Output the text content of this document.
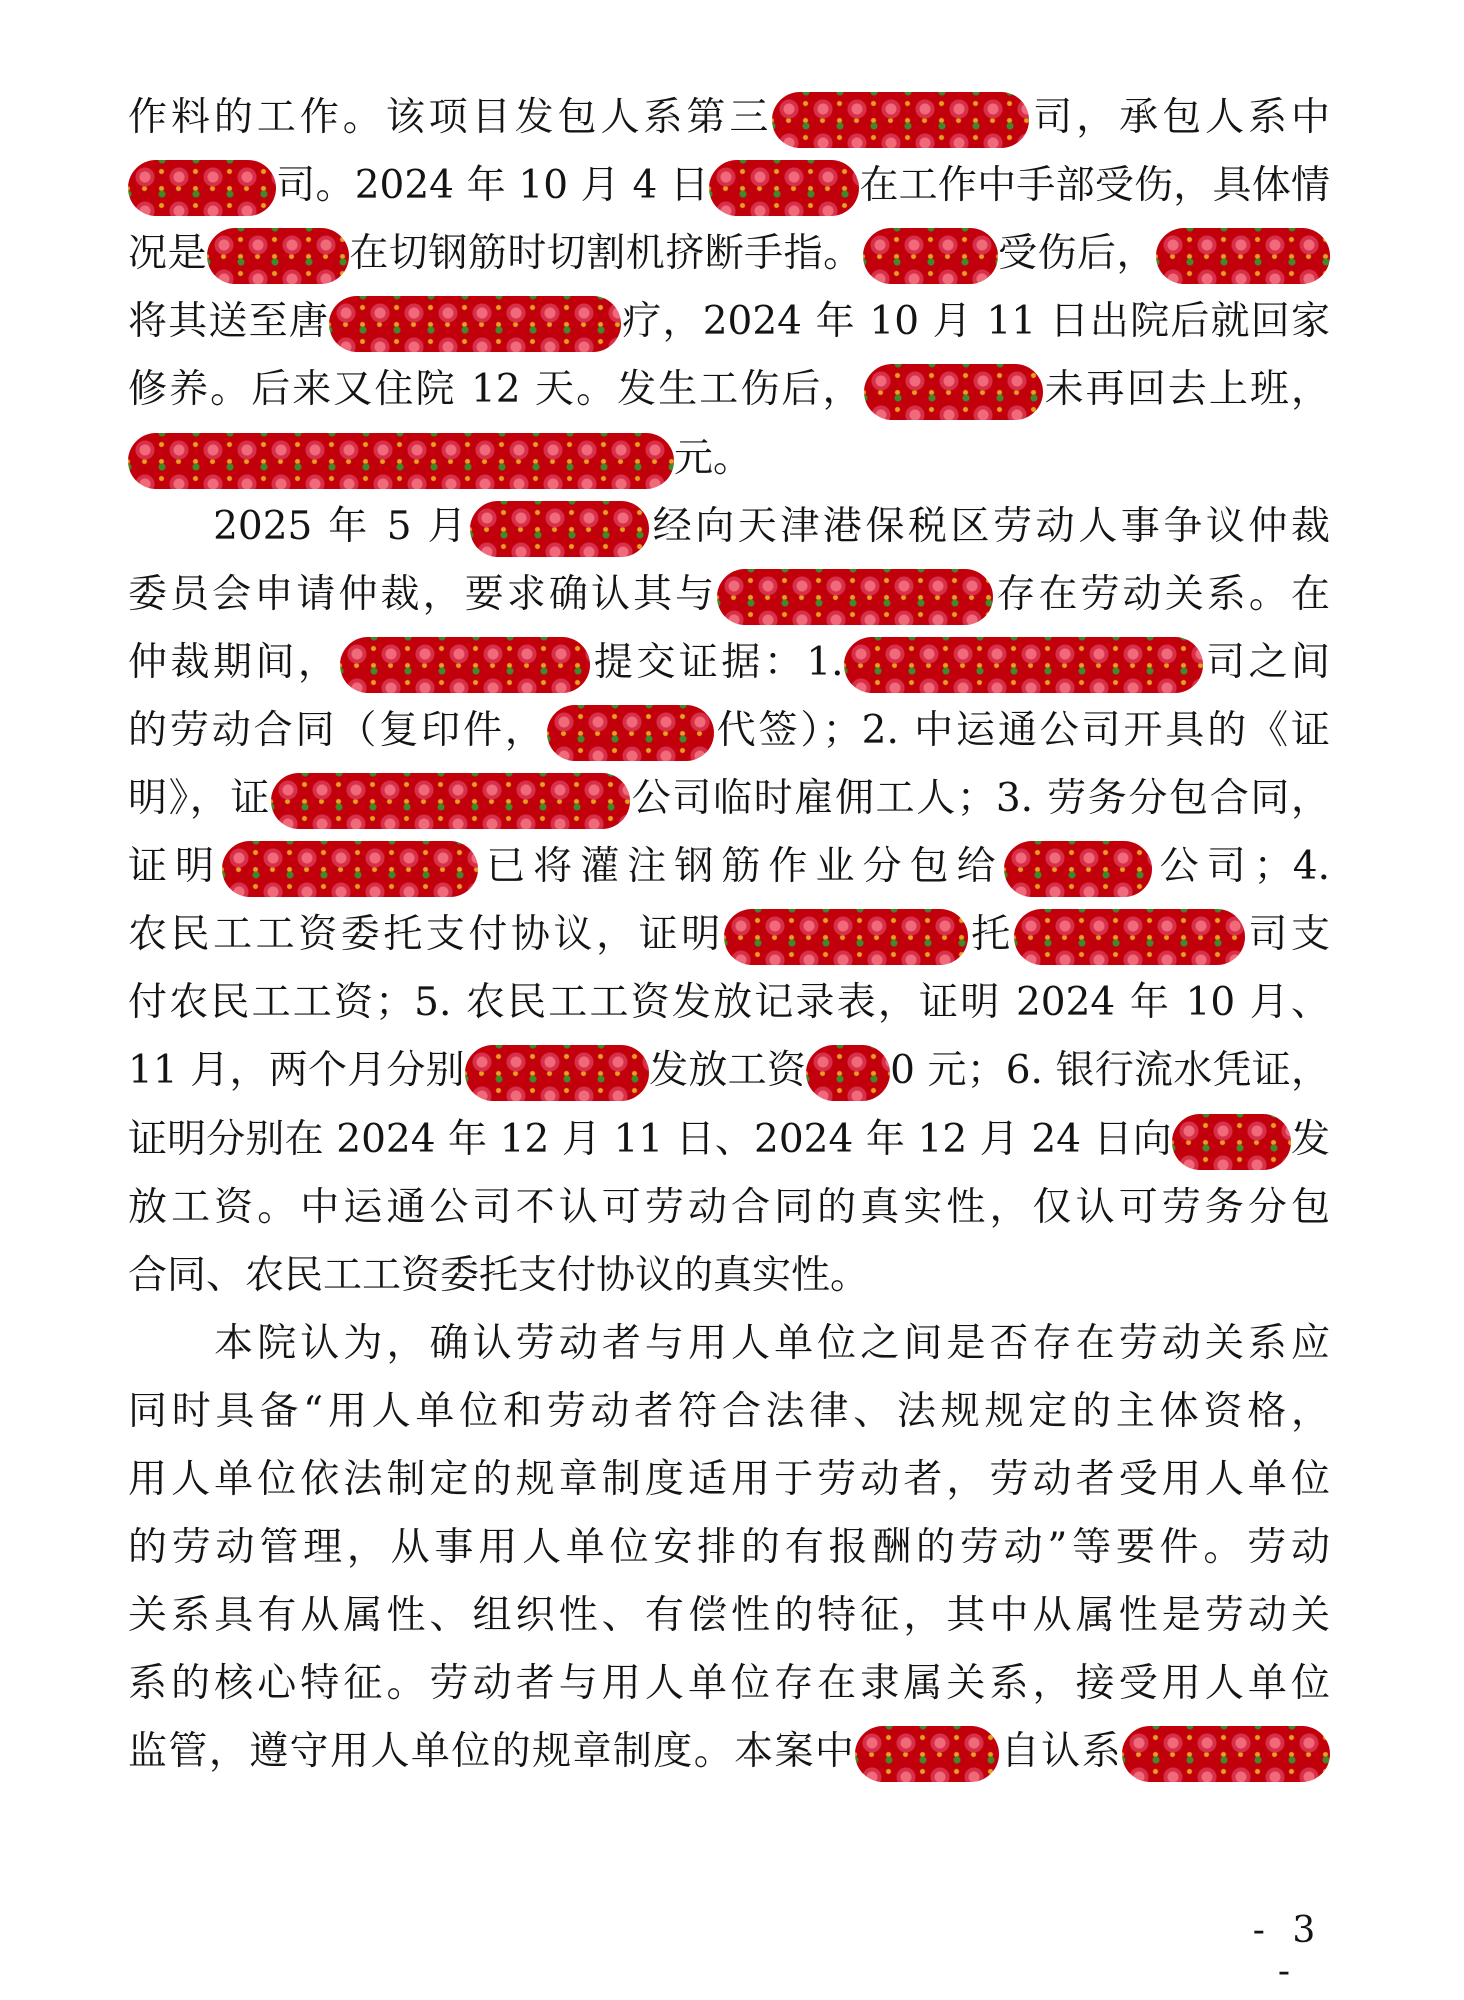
作料的工作。该项目发包人系第三	司，承包人系中
司。2024 年 10 月 4 日	在工作中手部受伤，具体情
况是	在切钢筋时切割机挤断手指。	受伤后，
将其送至唐	疗，2024 年 10 月 11 日出院后就回家
修养。后来又住院 12 天。发生工伤后，	未再回去上班，
元。
　　2025 年 5 月	经向天津港保税区劳动人事争议仲裁
委员会申请仲裁，要求确认其与	存在劳动关系。在
仲裁期间，	提交证据：1.	司之间
的劳动合同（复印件，	代签）；2. 中运通公司开具的《证
明》，证	公司临时雇佣工人；3. 劳务分包合同，
证明	已将灌注钢筋作业分包给	公司；4.
农民工工资委托支付协议，证明	托	司支
付农民工工资；5. 农民工工资发放记录表，证明 2024 年 10 月、
11 月，两个月分别	发放工资 0 元；6. 银行流水凭证，
证明分别在 2024 年 12 月 11 日、2024 年 12 月 24 日向	发
放工资。中运通公司不认可劳动合同的真实性，仅认可劳务分包
合同、农民工工资委托支付协议的真实性。
　　本院认为，确认劳动者与用人单位之间是否存在劳动关系应
同时具备“用人单位和劳动者符合法律、法规规定的主体资格，
用人单位依法制定的规章制度适用于劳动者，劳动者受用人单位
的劳动管理，从事用人单位安排的有报酬的劳动”等要件。劳动
关系具有从属性、组织性、有偿性的特征，其中从属性是劳动关
系的核心特征。劳动者与用人单位存在隶属关系，接受用人单位
监管，遵守用人单位的规章制度。本案中	自认系
- 3 -
